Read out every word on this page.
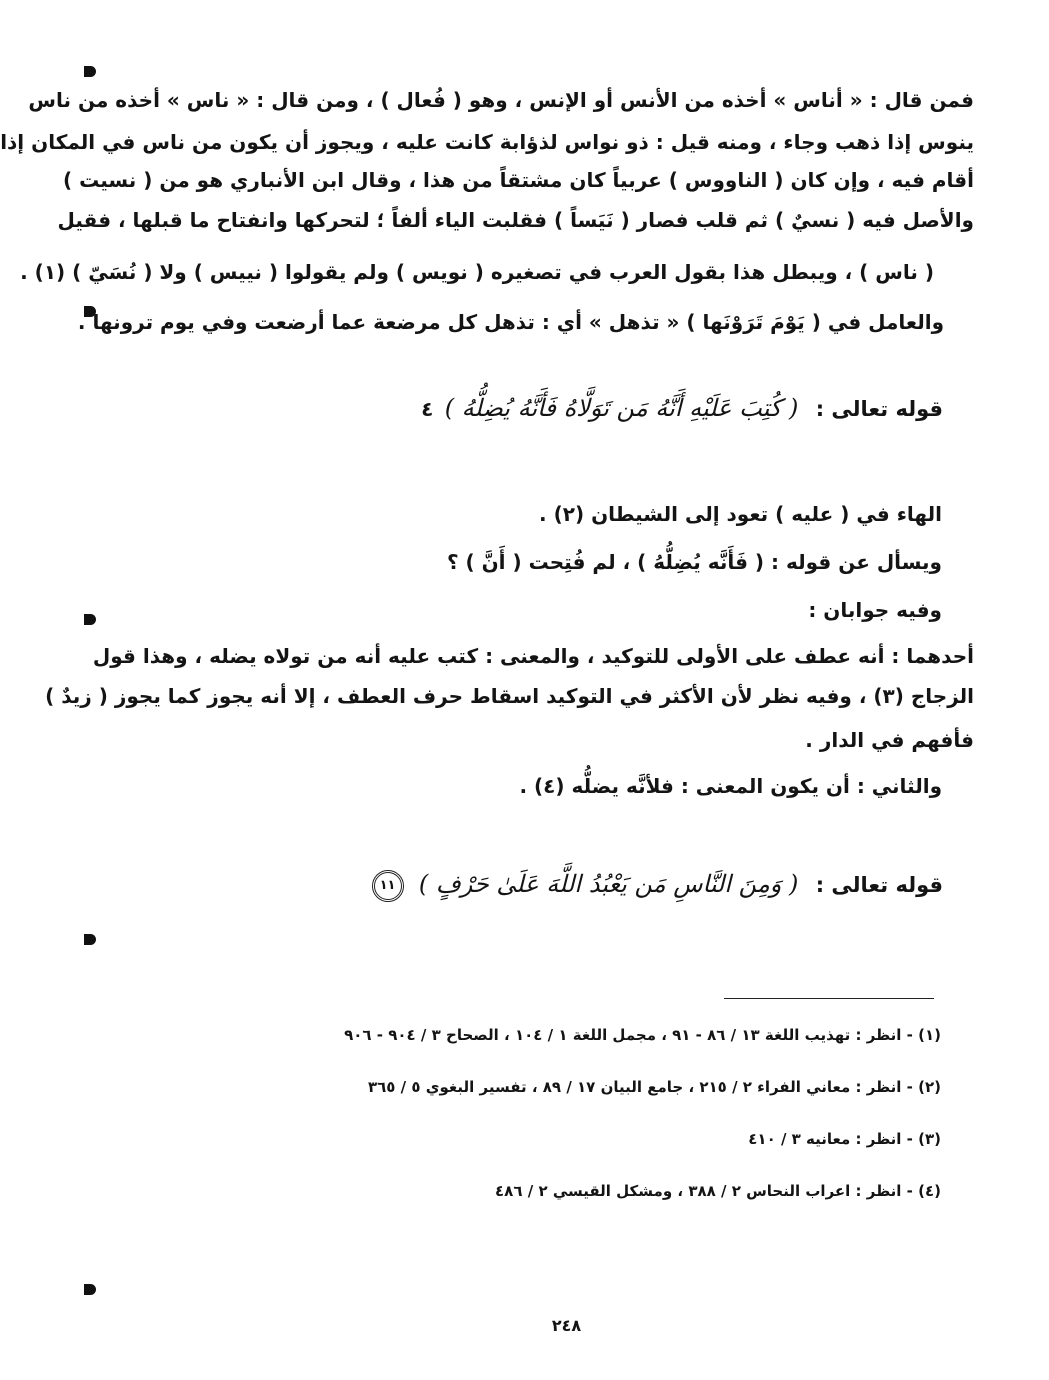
فمن قال : « أناس » أخذه من الأنس أو الإنس ، وهو ( فُعال ) ، ومن قال : « ناس » أخذه من ناس
ينوس إذا ذهب وجاء ، ومنه قيل : ذو نواس لذؤابة كانت عليه ، ويجوز أن يكون من ناس في المكان إذا
أقام فيه ، وإن كان ( الناووس ) عربياً كان مشتقاً من هذا ، وقال ابن الأنباري هو من ( نسيت )
والأصل فيه ( نسيٌ ) ثم قلب فصار ( نَيَساً ) فقلبت الياء ألفاً ؛ لتحركها وانفتاح ما قبلها ، فقيل
( ناس ) ، ويبطل هذا بقول العرب في تصغيره ( نويس ) ولم يقولوا ( نييس ) ولا ( نُسَيّ ) (١) .
والعامل في ( يَوْمَ تَرَوْنَها ) « تذهل » أي : تذهل كل مرضعة عما أرضعت وفي يوم ترونها .
قوله تعالى : ( كُتِبَ عَلَيْهِ أَنَّهُ مَن تَوَلَّاهُ فَأَنَّهُ يُضِلُّهُ ) ٤
الهاء في ( عليه ) تعود إلى الشيطان (٢) .
ويسأل عن قوله : ( فَأَنَّه يُضِلُّهُ ) ، لم فُتِحت ( أَنَّ ) ؟
وفيه جوابان :
أحدهما : أنه عطف على الأولى للتوكيد ، والمعنى : كتب عليه أنه من تولاه يضله ، وهذا قول
الزجاج (٣) ، وفيه نظر لأن الأكثر في التوكيد اسقاط حرف العطف ، إلا أنه يجوز كما يجوز ( زيدٌ )
فأفهم في الدار .
والثاني : أن يكون المعنى : فلأنَّه يضلُّه (٤) .
قوله تعالى : ( وَمِنَ النَّاسِ مَن يَعْبُدُ اللَّهَ عَلَىٰ حَرْفٍ ) ١١
(١) - انظر : تهذيب اللغة ١٣ / ٨٦ - ٩١ ، مجمل اللغة ١ / ١٠٤ ، الصحاح ٣ / ٩٠٤ - ٩٠٦
(٢) - انظر : معاني الفراء ٢ / ٢١٥ ، جامع البيان ١٧ / ٨٩ ، تفسير البغوي ٥ / ٣٦٥
(٣) - انظر : معانيه ٣ / ٤١٠
(٤) - انظر : اعراب النحاس ٢ / ٣٨٨ ، ومشكل القيسي ٢ / ٤٨٦
٢٤٨
